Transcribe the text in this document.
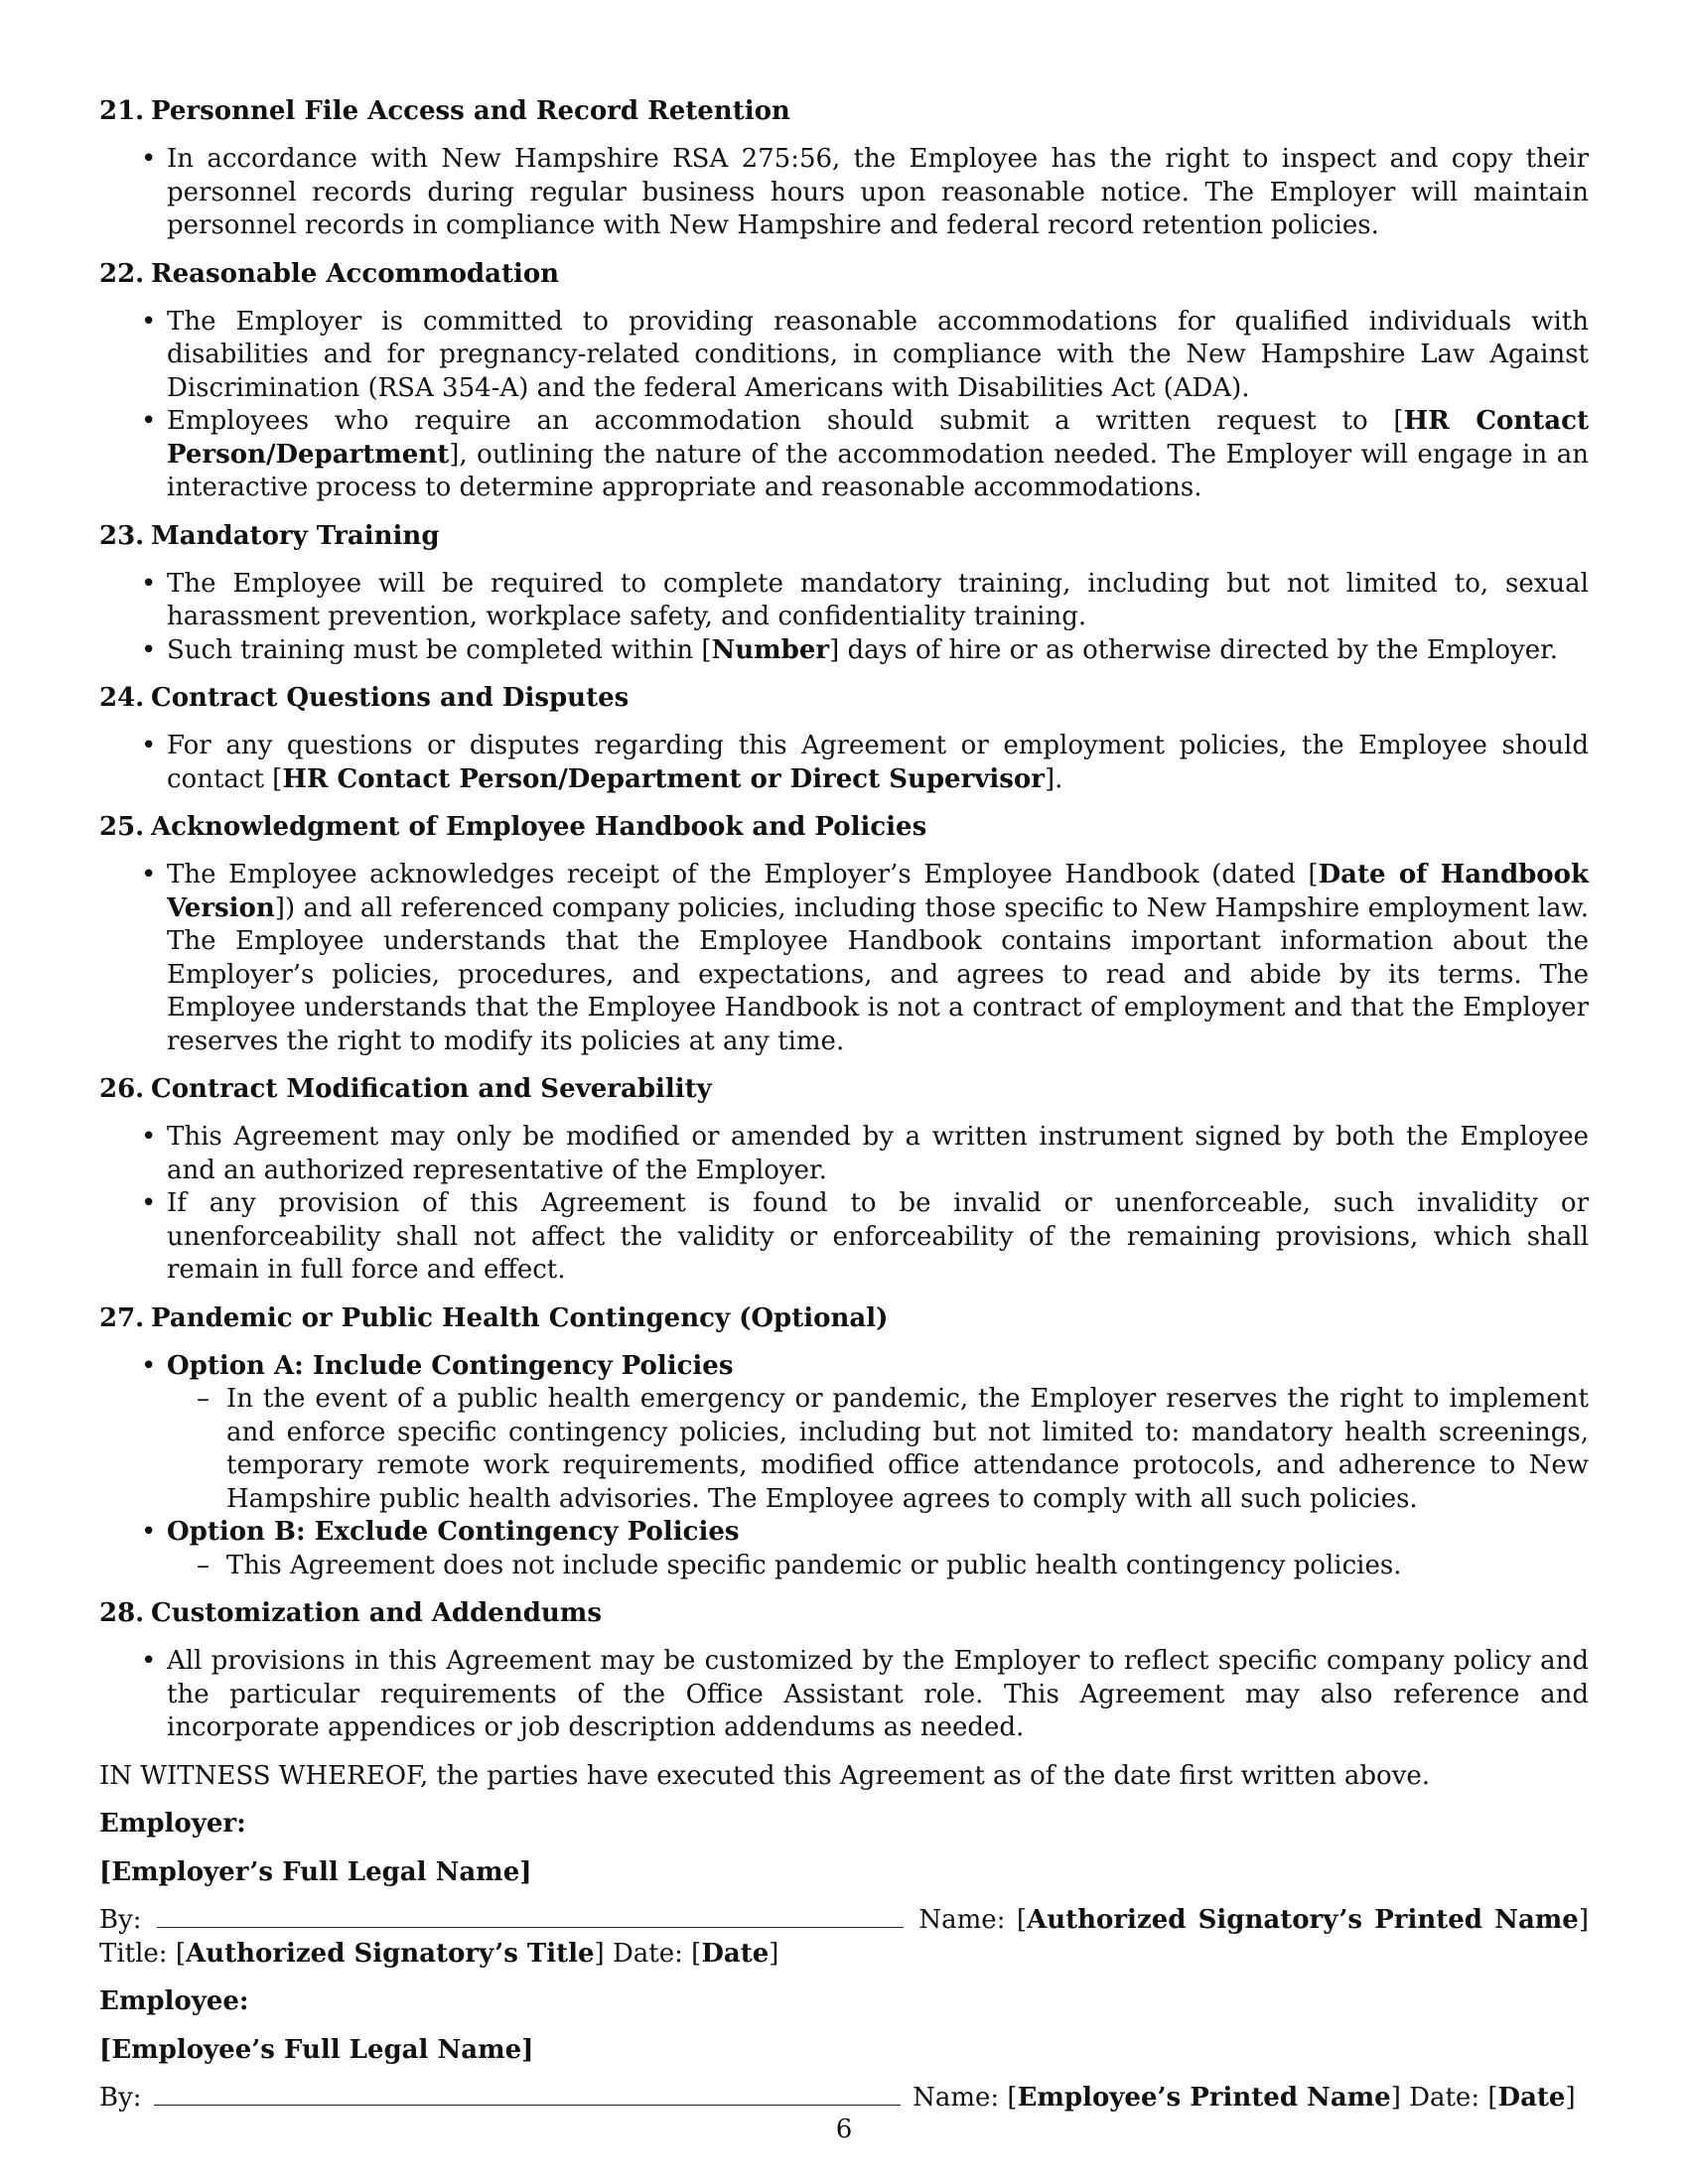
21. Personnel File Access and Record Retention
• In accordance with New Hampshire RSA 275:56, the Employee has the right to inspect and copy their personnel records during regular business hours upon reasonable notice. The Employer will maintain personnel records in compliance with New Hampshire and federal record retention policies.
22. Reasonable Accommodation
• The Employer is committed to providing reasonable accommodations for qualified individuals with disabilities and for pregnancy-related conditions, in compliance with the New Hampshire Law Against Discrimination (RSA 354-A) and the federal Americans with Disabilities Act (ADA).
• Employees who require an accommodation should submit a written request to [HR Contact Person/Department], outlining the nature of the accommodation needed. The Employer will engage in an interactive process to determine appropriate and reasonable accommodations.
23. Mandatory Training
• The Employee will be required to complete mandatory training, including but not limited to, sexual harassment prevention, workplace safety, and confidentiality training.
• Such training must be completed within [Number] days of hire or as otherwise directed by the Employer.
24. Contract Questions and Disputes
• For any questions or disputes regarding this Agreement or employment policies, the Employee should contact [HR Contact Person/Department or Direct Supervisor].
25. Acknowledgment of Employee Handbook and Policies
• The Employee acknowledges receipt of the Employer’s Employee Handbook (dated [Date of Handbook Version]) and all referenced company policies, including those specific to New Hampshire employment law. The Employee understands that the Employee Handbook contains important information about the Employer’s policies, procedures, and expectations, and agrees to read and abide by its terms. The Employee understands that the Employee Handbook is not a contract of employment and that the Employer reserves the right to modify its policies at any time.
26. Contract Modification and Severability
• This Agreement may only be modified or amended by a written instrument signed by both the Employee and an authorized representative of the Employer.
• If any provision of this Agreement is found to be invalid or unenforceable, such invalidity or unenforceability shall not affect the validity or enforceability of the remaining provisions, which shall remain in full force and effect.
27. Pandemic or Public Health Contingency (Optional)
• Option A: Include Contingency Policies
– In the event of a public health emergency or pandemic, the Employer reserves the right to implement and enforce specific contingency policies, including but not limited to: mandatory health screenings, temporary remote work requirements, modified office attendance protocols, and adherence to New Hampshire public health advisories. The Employee agrees to comply with all such policies.
• Option B: Exclude Contingency Policies
– This Agreement does not include specific pandemic or public health contingency policies.
28. Customization and Addendums
• All provisions in this Agreement may be customized by the Employer to reflect specific company policy and the particular requirements of the Office Assistant role. This Agreement may also reference and incorporate appendices or job description addendums as needed.
IN WITNESS WHEREOF, the parties have executed this Agreement as of the date first written above.
Employer:
[Employer’s Full Legal Name]
By:	Name: [Authorized Signatory’s Printed Name] Title: [Authorized Signatory’s Title] Date: [Date]
Employee:
[Employee’s Full Legal Name]
By:	Name: [Employee’s Printed Name] Date: [Date]
6
